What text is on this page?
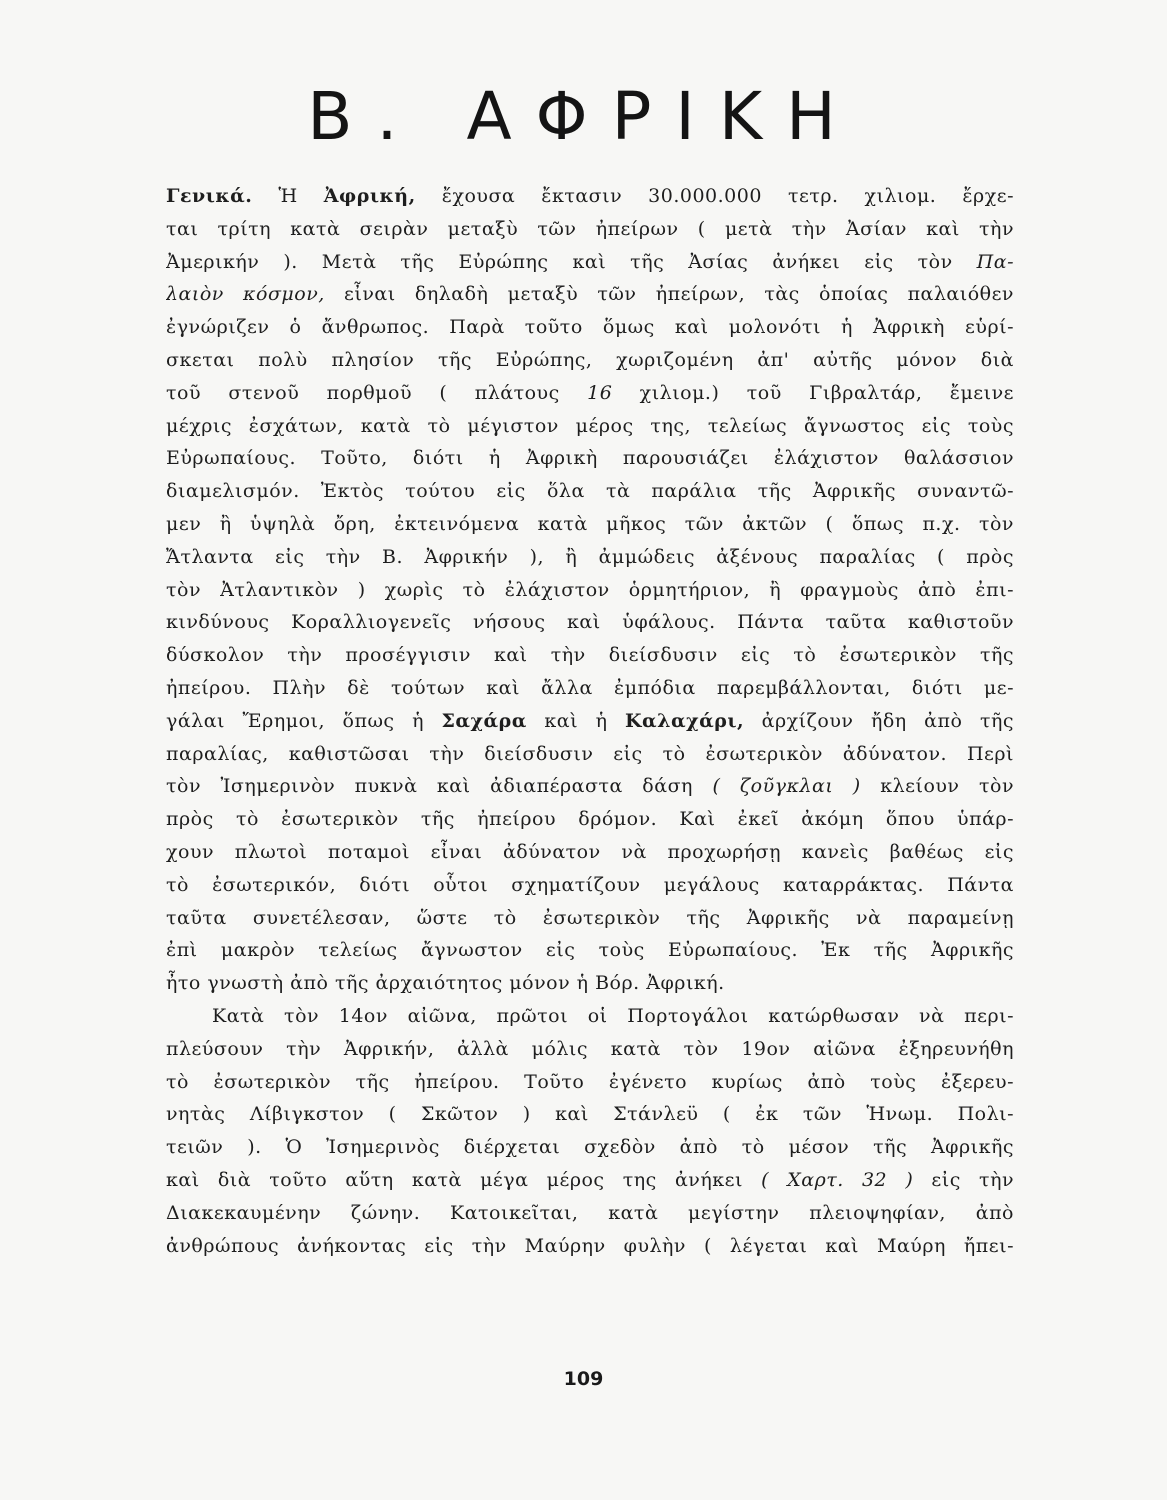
B. ΑΦΡΙΚΗ
Γενικά. Ἡ Ἀφρική, ἔχουσα ἔκτασιν 30.000.000 τετρ. χιλιομ. ἔρχε-
ται τρίτη κατὰ σειρὰν μεταξὺ τῶν ἠπείρων ( μετὰ τὴν Ἀσίαν καὶ τὴν
Ἀμερικήν ). Μετὰ τῆς Εὐρώπης καὶ τῆς Ἀσίας ἀνήκει εἰς τὸν Πα-
λαιὸν κόσμον, εἶναι δηλαδὴ μεταξὺ τῶν ἠπείρων, τὰς ὁποίας παλαιόθεν
ἐγνώριζεν ὁ ἄνθρωπος. Παρὰ τοῦτο ὅμως καὶ μολονότι ἡ Ἀφρικὴ εὑρί-
σκεται πολὺ πλησίον τῆς Εὐρώπης, χωριζομένη ἀπ' αὐτῆς μόνον διὰ
τοῦ στενοῦ πορθμοῦ ( πλάτους 16 χιλιομ.) τοῦ Γιβραλτάρ, ἔμεινε
μέχρις ἐσχάτων, κατὰ τὸ μέγιστον μέρος της, τελείως ἄγνωστος εἰς τοὺς
Εὐρωπαίους. Τοῦτο, διότι ἡ Ἀφρικὴ παρουσιάζει ἐλάχιστον θαλάσσιον
διαμελισμόν. Ἐκτὸς τούτου εἰς ὅλα τὰ παράλια τῆς Ἀφρικῆς συναντῶ-
μεν ἢ ὑψηλὰ ὄρη, ἐκτεινόμενα κατὰ μῆκος τῶν ἀκτῶν ( ὅπως π.χ. τὸν
Ἄτλαντα εἰς τὴν Β. Ἀφρικήν ), ἢ ἀμμώδεις ἀξένους παραλίας ( πρὸς
τὸν Ἀτλαντικὸν ) χωρὶς τὸ ἐλάχιστον ὁρμητήριον, ἢ φραγμοὺς ἀπὸ ἐπι-
κινδύνους Κοραλλιογενεῖς νήσους καὶ ὑφάλους. Πάντα ταῦτα καθιστοῦν
δύσκολον τὴν προσέγγισιν καὶ τὴν διείσδυσιν εἰς τὸ ἐσωτερικὸν τῆς
ἠπείρου. Πλὴν δὲ τούτων καὶ ἄλλα ἐμπόδια παρεμβάλλονται, διότι με-
γάλαι Ἔρημοι, ὅπως ἡ Σαχάρα καὶ ἡ Καλαχάρι, ἀρχίζουν ἤδη ἀπὸ τῆς
παραλίας, καθιστῶσαι τὴν διείσδυσιν εἰς τὸ ἐσωτερικὸν ἀδύνατον. Περὶ
τὸν Ἰσημερινὸν πυκνὰ καὶ ἀδιαπέραστα δάση ( ζοῦγκλαι ) κλείουν τὸν
πρὸς τὸ ἐσωτερικὸν τῆς ἠπείρου δρόμον. Καὶ ἐκεῖ ἀκόμη ὅπου ὑπάρ-
χουν πλωτοὶ ποταμοὶ εἶναι ἀδύνατον νὰ προχωρήσῃ κανεὶς βαθέως εἰς
τὸ ἐσωτερικόν, διότι οὗτοι σχηματίζουν μεγάλους καταρράκτας. Πάντα
ταῦτα συνετέλεσαν, ὥστε τὸ ἐσωτερικὸν τῆς Ἀφρικῆς νὰ παραμείνῃ
ἐπὶ μακρὸν τελείως ἄγνωστον εἰς τοὺς Εὐρωπαίους. Ἐκ τῆς Ἀφρικῆς
ἦτο γνωστὴ ἀπὸ τῆς ἀρχαιότητος μόνον ἡ Βόρ. Ἀφρική.
Κατὰ τὸν 14ον αἰῶνα, πρῶτοι οἱ Πορτογάλοι κατώρθωσαν νὰ περι-
πλεύσουν τὴν Ἀφρικήν, ἀλλὰ μόλις κατὰ τὸν 19ον αἰῶνα ἐξηρευνήθη
τὸ ἐσωτερικὸν τῆς ἠπείρου. Τοῦτο ἐγένετο κυρίως ἀπὸ τοὺς ἐξερευ-
νητὰς Λίβιγκστον ( Σκῶτον ) καὶ Στάνλεϋ ( ἐκ τῶν Ἡνωμ. Πολι-
τειῶν ). Ὁ Ἰσημερινὸς διέρχεται σχεδὸν ἀπὸ τὸ μέσον τῆς Ἀφρικῆς
καὶ διὰ τοῦτο αὕτη κατὰ μέγα μέρος της ἀνήκει ( Χαρτ. 32 ) εἰς τὴν
Διακεκαυμένην ζώνην. Κατοικεῖται, κατὰ μεγίστην πλειοψηφίαν, ἀπὸ
ἀνθρώπους ἀνήκοντας εἰς τὴν Μαύρην φυλὴν ( λέγεται καὶ Μαύρη ἤπει-
109
